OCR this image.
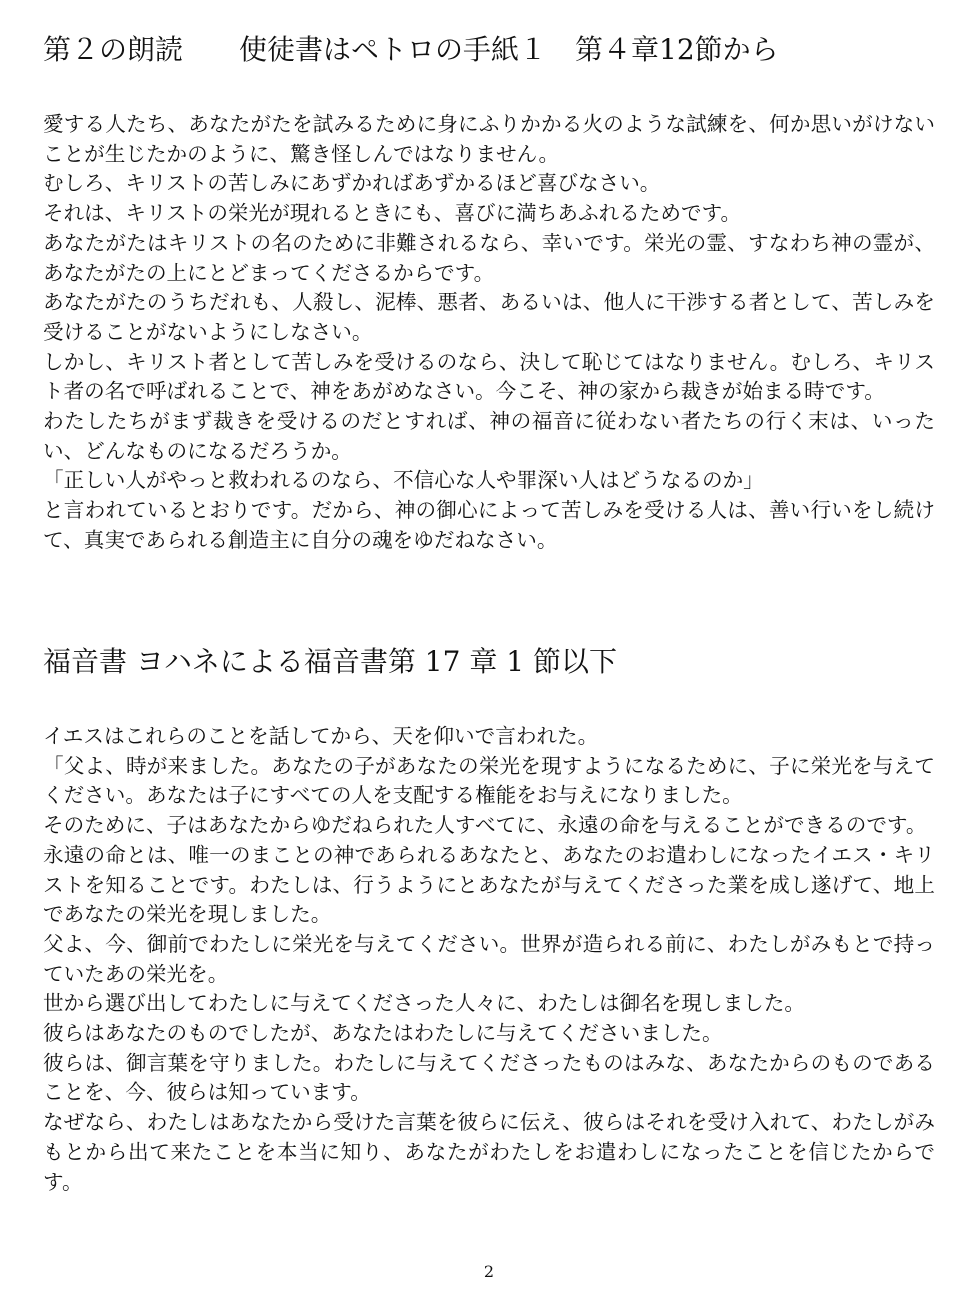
第２の朗読　　使徒書はペトロの手紙１　第４章12節から

愛する人たち、あなたがたを試みるために身にふりかかる火のような試練を、何か思いがけないことが生じたかのように、驚き怪しんではなりません。

むしろ、キリストの苦しみにあずかればあずかるほど喜びなさい。

それは、キリストの栄光が現れるときにも、喜びに満ちあふれるためです。

あなたがたはキリストの名のために非難されるなら、幸いです。栄光の霊、すなわち神の霊が、あなたがたの上にとどまってくださるからです。

あなたがたのうちだれも、人殺し、泥棒、悪者、あるいは、他人に干渉する者として、苦しみを受けることがないようにしなさい。

しかし、キリスト者として苦しみを受けるのなら、決して恥じてはなりません。むしろ、キリスト者の名で呼ばれることで、神をあがめなさい。今こそ、神の家から裁きが始まる時です。

わたしたちがまず裁きを受けるのだとすれば、神の福音に従わない者たちの行く末は、いったい、どんなものになるだろうか。

「正しい人がやっと救われるのなら、不信心な人や罪深い人はどうなるのか」

と言われているとおりです。だから、神の御心によって苦しみを受ける人は、善い行いをし続けて、真実であられる創造主に自分の魂をゆだねなさい。

福音書 ヨハネによる福音書第 17 章 1 節以下

イエスはこれらのことを話してから、天を仰いで言われた。

「父よ、時が来ました。あなたの子があなたの栄光を現すようになるために、子に栄光を与えてください。あなたは子にすべての人を支配する権能をお与えになりました。

そのために、子はあなたからゆだねられた人すべてに、永遠の命を与えることができるのです。

永遠の命とは、唯一のまことの神であられるあなたと、あなたのお遣わしになったイエス・キリストを知ることです。わたしは、行うようにとあなたが与えてくださった業を成し遂げて、地上であなたの栄光を現しました。

父よ、今、御前でわたしに栄光を与えてください。世界が造られる前に、わたしがみもとで持っていたあの栄光を。

世から選び出してわたしに与えてくださった人々に、わたしは御名を現しました。

彼らはあなたのものでしたが、あなたはわたしに与えてくださいました。

彼らは、御言葉を守りました。わたしに与えてくださったものはみな、あなたからのものであることを、今、彼らは知っています。

なぜなら、わたしはあなたから受けた言葉を彼らに伝え、彼らはそれを受け入れて、わたしがみもとから出て来たことを本当に知り、あなたがわたしをお遣わしになったことを信じたからです。

2
